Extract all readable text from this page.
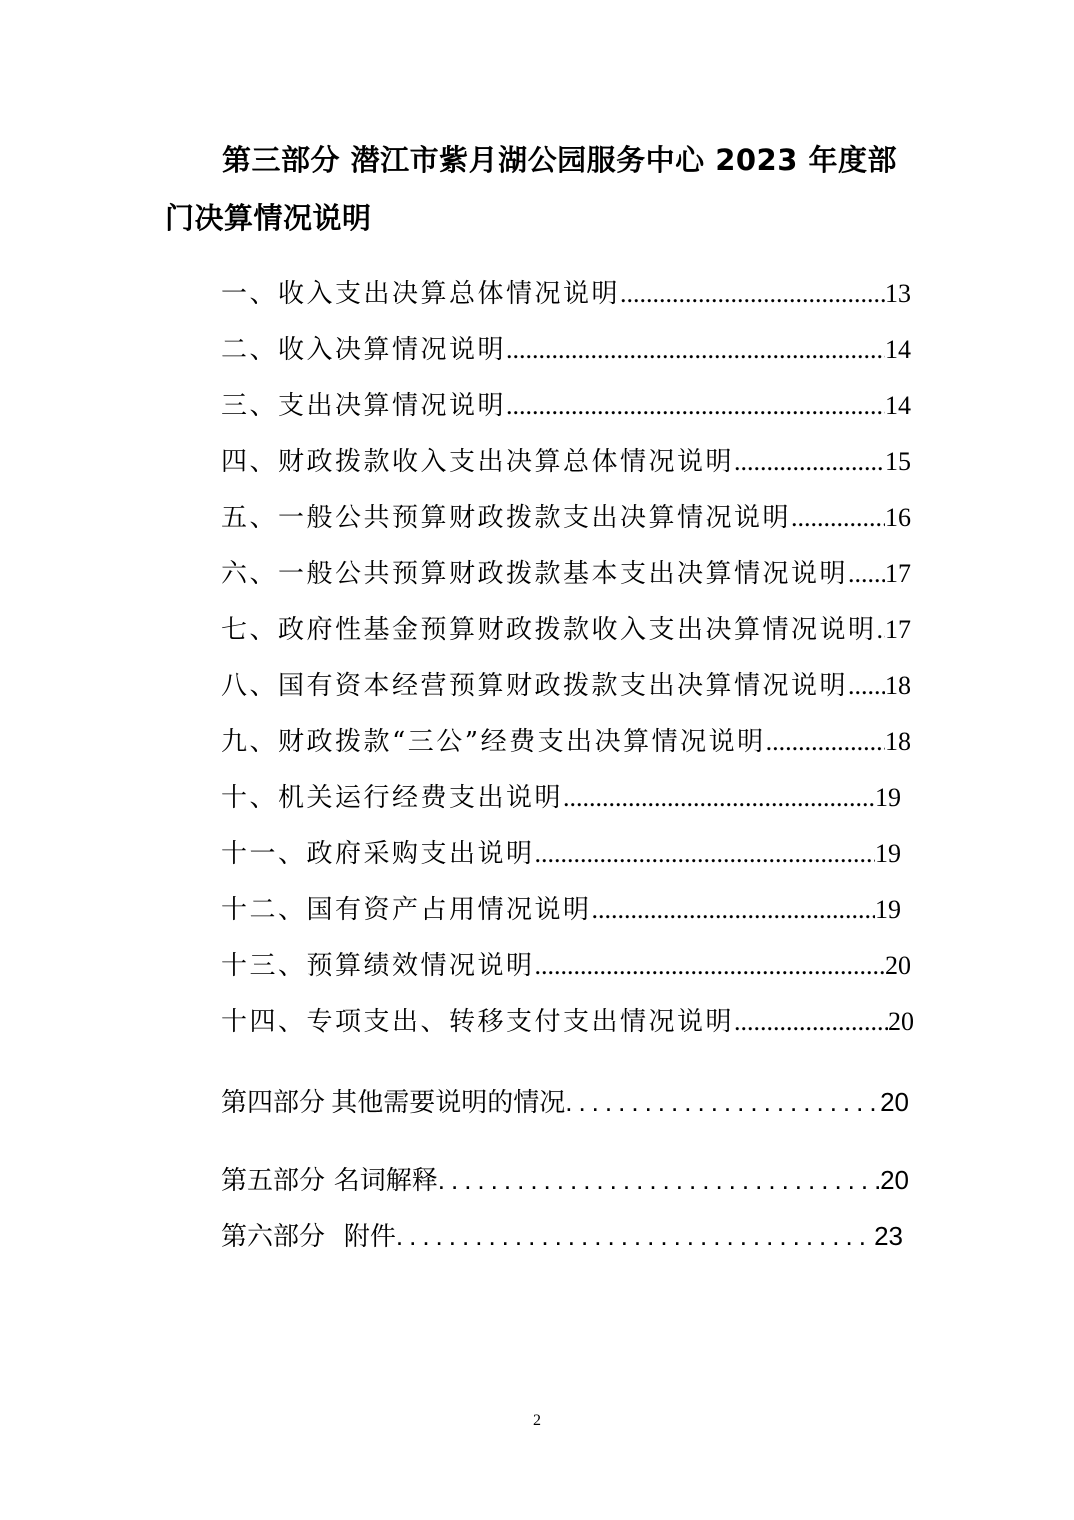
第三部分 潜江市紫月湖公园服务中心 2023 年度部门决算情况说明
一、收入支出决算总体情况说明 .....	13
二、收入决算情况说明 .....	14
三、支出决算情况说明 .....	14
四、财政拨款收入支出决算总体情况说明 .....	15
五、一般公共预算财政拨款支出决算情况说明 .....	16
六、一般公共预算财政拨款基本支出决算情况说明 ..... 17
七、政府性基金预算财政拨款收入支出决算情况说明 ..... 17
八、国有资本经营预算财政拨款支出决算情况说明 ..... 18
九、财政拨款“三公”经费支出决算情况说明 .....	18
十、机关运行经费支出说明 .....	19
十一、政府采购支出说明 .....	19
十二、国有资产占用情况说明 .....	19
十三、预算绩效情况说明 .....	20
十四、专项支出、转移支付支出情况说明 .....	20
第四部分 其他需要说明的情况 .....	20
第五部分 名词解释 .....	20
第六部分 附件 .....	23
2
